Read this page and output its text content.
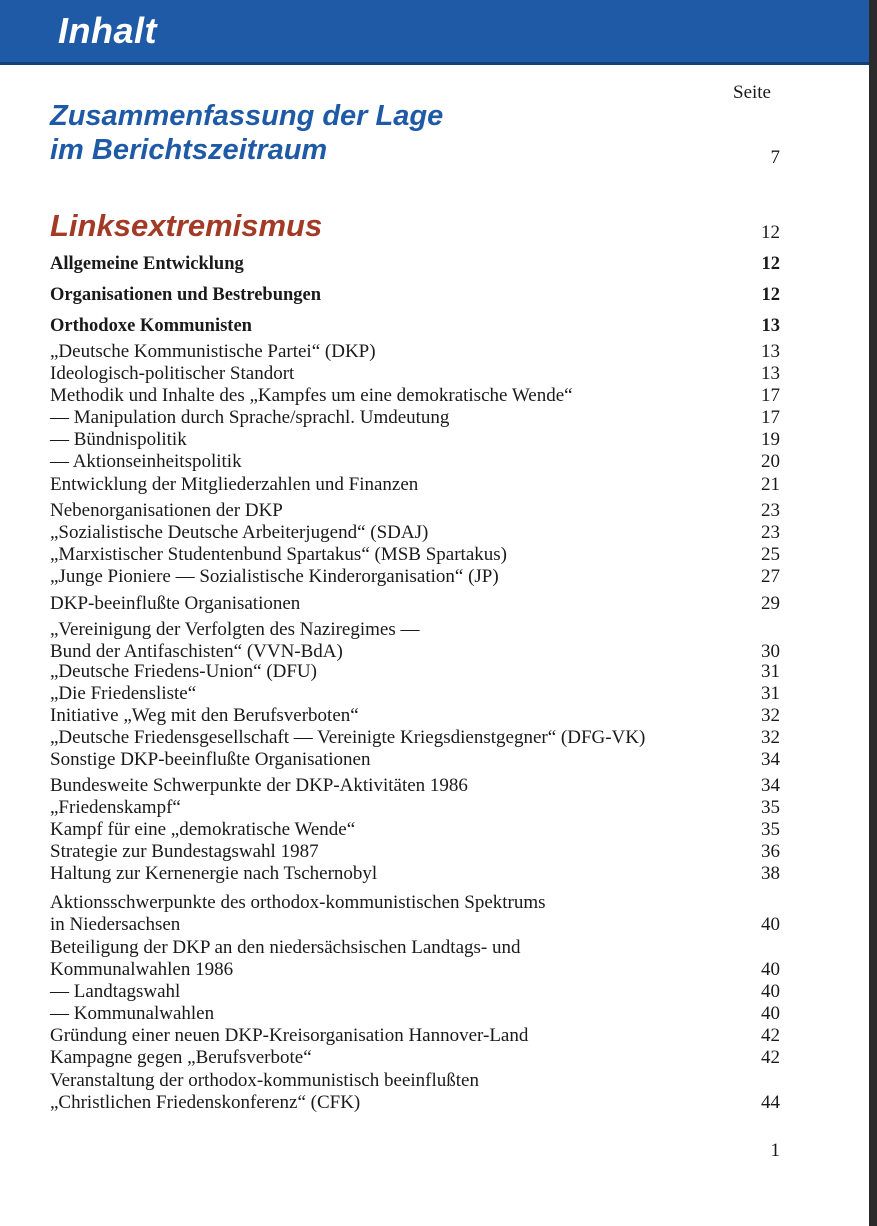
Inhalt
Seite
Zusammenfassung der Lage
im Berichtszeitraum	7
Linksextremismus	12
Allgemeine Entwicklung	12
Organisationen und Bestrebungen	12
Orthodoxe Kommunisten	13
„Deutsche Kommunistische Partei“ (DKP)	13
Ideologisch-politischer Standort	13
Methodik und Inhalte des „Kampfes um eine demokratische Wende“	17
— Manipulation durch Sprache/sprachl. Umdeutung	17
— Bündnispolitik	19
— Aktionseinheitspolitik	20
Entwicklung der Mitgliederzahlen und Finanzen	21
Nebenorganisationen der DKP	23
„Sozialistische Deutsche Arbeiterjugend“ (SDAJ)	23
„Marxistischer Studentenbund Spartakus“ (MSB Spartakus)	25
„Junge Pioniere — Sozialistische Kinderorganisation“ (JP)	27
DKP-beeinflußte Organisationen	29
„Vereinigung der Verfolgten des Naziregimes —
Bund der Antifaschisten“ (VVN-BdA)	30
„Deutsche Friedens-Union“ (DFU)	31
„Die Friedensliste“	31
Initiative „Weg mit den Berufsverboten“	32
„Deutsche Friedensgesellschaft — Vereinigte Kriegsdienstgegner“ (DFG-VK)	32
Sonstige DKP-beeinflußte Organisationen	34
Bundesweite Schwerpunkte der DKP-Aktivitäten 1986	34
„Friedenskampf“	35
Kampf für eine „demokratische Wende“	35
Strategie zur Bundestagswahl 1987	36
Haltung zur Kernenergie nach Tschernobyl	38
Aktionsschwerpunkte des orthodox-kommunistischen Spektrums
in Niedersachsen	40
Beteiligung der DKP an den niedersächsischen Landtags- und
Kommunalwahlen 1986	40
— Landtagswahl	40
— Kommunalwahlen	40
Gründung einer neuen DKP-Kreisorganisation Hannover-Land	42
Kampagne gegen „Berufsverbote“	42
Veranstaltung der orthodox-kommunistisch beeinflußten
„Christlichen Friedenskonferenz“ (CFK)	44
1
